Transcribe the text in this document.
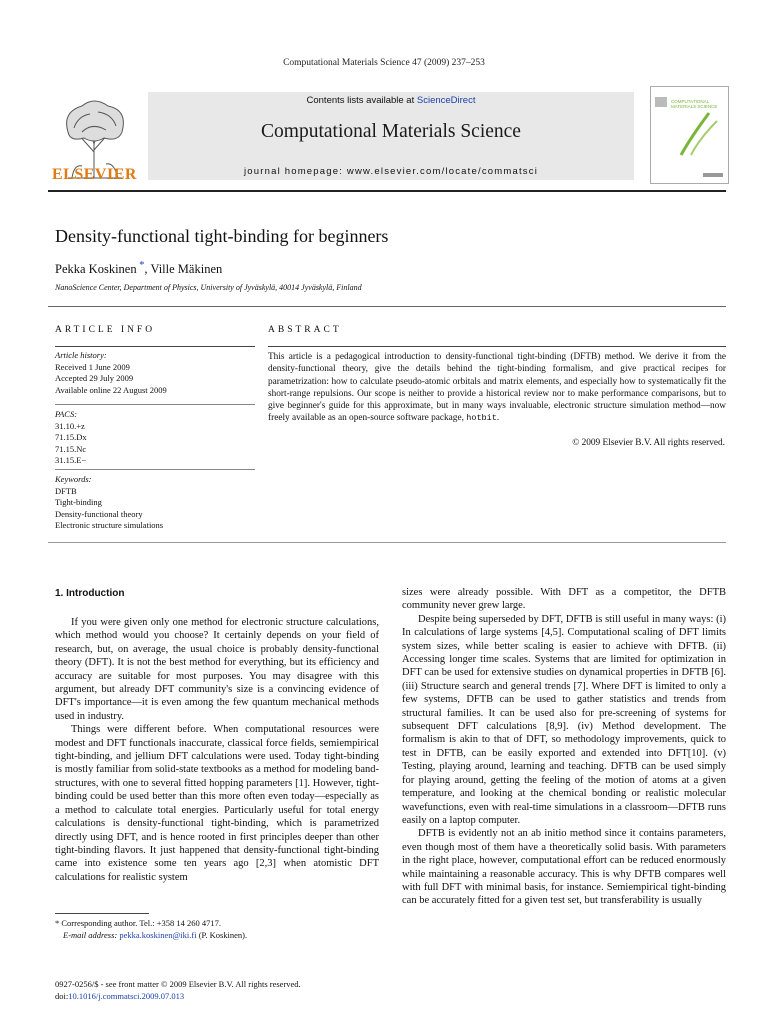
Computational Materials Science 47 (2009) 237–253
ELSEVIER
Contents lists available at ScienceDirect
Computational Materials Science
journal homepage: www.elsevier.com/locate/commatsci
COMPUTATIONAL MATERIALS SCIENCE
Density-functional tight-binding for beginners
Pekka Koskinen *, Ville Mäkinen
NanoScience Center, Department of Physics, University of Jyväskylä, 40014 Jyväskylä, Finland
ARTICLE INFO
Article history:
Received 1 June 2009
Accepted 29 July 2009
Available online 22 August 2009
PACS:
31.10.+z
71.15.Dx
71.15.Nc
31.15.E−
Keywords:
DFTB
Tight-binding
Density-functional theory
Electronic structure simulations
ABSTRACT
This article is a pedagogical introduction to density-functional tight-binding (DFTB) method. We derive it from the density-functional theory, give the details behind the tight-binding formalism, and give practical recipes for parametrization: how to calculate pseudo-atomic orbitals and matrix elements, and especially how to systematically fit the short-range repulsions. Our scope is neither to provide a historical review nor to make performance comparisons, but to give beginner's guide for this approximate, but in many ways invaluable, electronic structure simulation method—now freely available as an open-source software package, hotbit.
© 2009 Elsevier B.V. All rights reserved.
1. Introduction

If you were given only one method for electronic structure calculations, which method would you choose? It certainly depends on your field of research, but, on average, the usual choice is probably density-functional theory (DFT). It is not the best method for everything, but its efficiency and accuracy are suitable for most purposes. You may disagree with this argument, but already DFT community's size is a convincing evidence of DFT's importance—it is even among the few quantum mechanical methods used in industry.

Things were different before. When computational resources were modest and DFT functionals inaccurate, classical force fields, semiempirical tight-binding, and jellium DFT calculations were used. Today tight-binding is mostly familiar from solid-state textbooks as a method for modeling band-structures, with one to several fitted hopping parameters [1]. However, tight-binding could be used better than this more often even today—especially as a method to calculate total energies. Particularly useful for total energy calculations is density-functional tight-binding, which is parametrized directly using DFT, and is hence rooted in first principles deeper than other tight-binding flavors. It just happened that density-functional tight-binding came into existence some ten years ago [2,3] when atomistic DFT calculations for realistic system

sizes were already possible. With DFT as a competitor, the DFTB community never grew large.

Despite being superseded by DFT, DFTB is still useful in many ways: (i) In calculations of large systems [4,5]. Computational scaling of DFT limits system sizes, while better scaling is easier to achieve with DFTB. (ii) Accessing longer time scales. Systems that are limited for optimization in DFT can be used for extensive studies on dynamical properties in DFTB [6]. (iii) Structure search and general trends [7]. Where DFT is limited to only a few systems, DFTB can be used to gather statistics and trends from structural families. It can be used also for pre-screening of systems for subsequent DFT calculations [8,9]. (iv) Method development. The formalism is akin to that of DFT, so methodology improvements, quick to test in DFTB, can be easily exported and extended into DFT[10]. (v) Testing, playing around, learning and teaching. DFTB can be used simply for playing around, getting the feeling of the motion of atoms at a given temperature, and looking at the chemical bonding or realistic molecular wavefunctions, even with real-time simulations in a classroom—DFTB runs easily on a laptop computer.

DFTB is evidently not an ab initio method since it contains parameters, even though most of them have a theoretically solid basis. With parameters in the right place, however, computational effort can be reduced enormously while maintaining a reasonable accuracy. This is why DFTB compares well with full DFT with minimal basis, for instance. Semiempirical tight-binding can be accurately fitted for a given test set, but transferability is usually

* Corresponding author. Tel.: +358 14 260 4717.
E-mail address: pekka.koskinen@iki.fi (P. Koskinen).
0927-0256/$ - see front matter © 2009 Elsevier B.V. All rights reserved.
doi:10.1016/j.commatsci.2009.07.013
